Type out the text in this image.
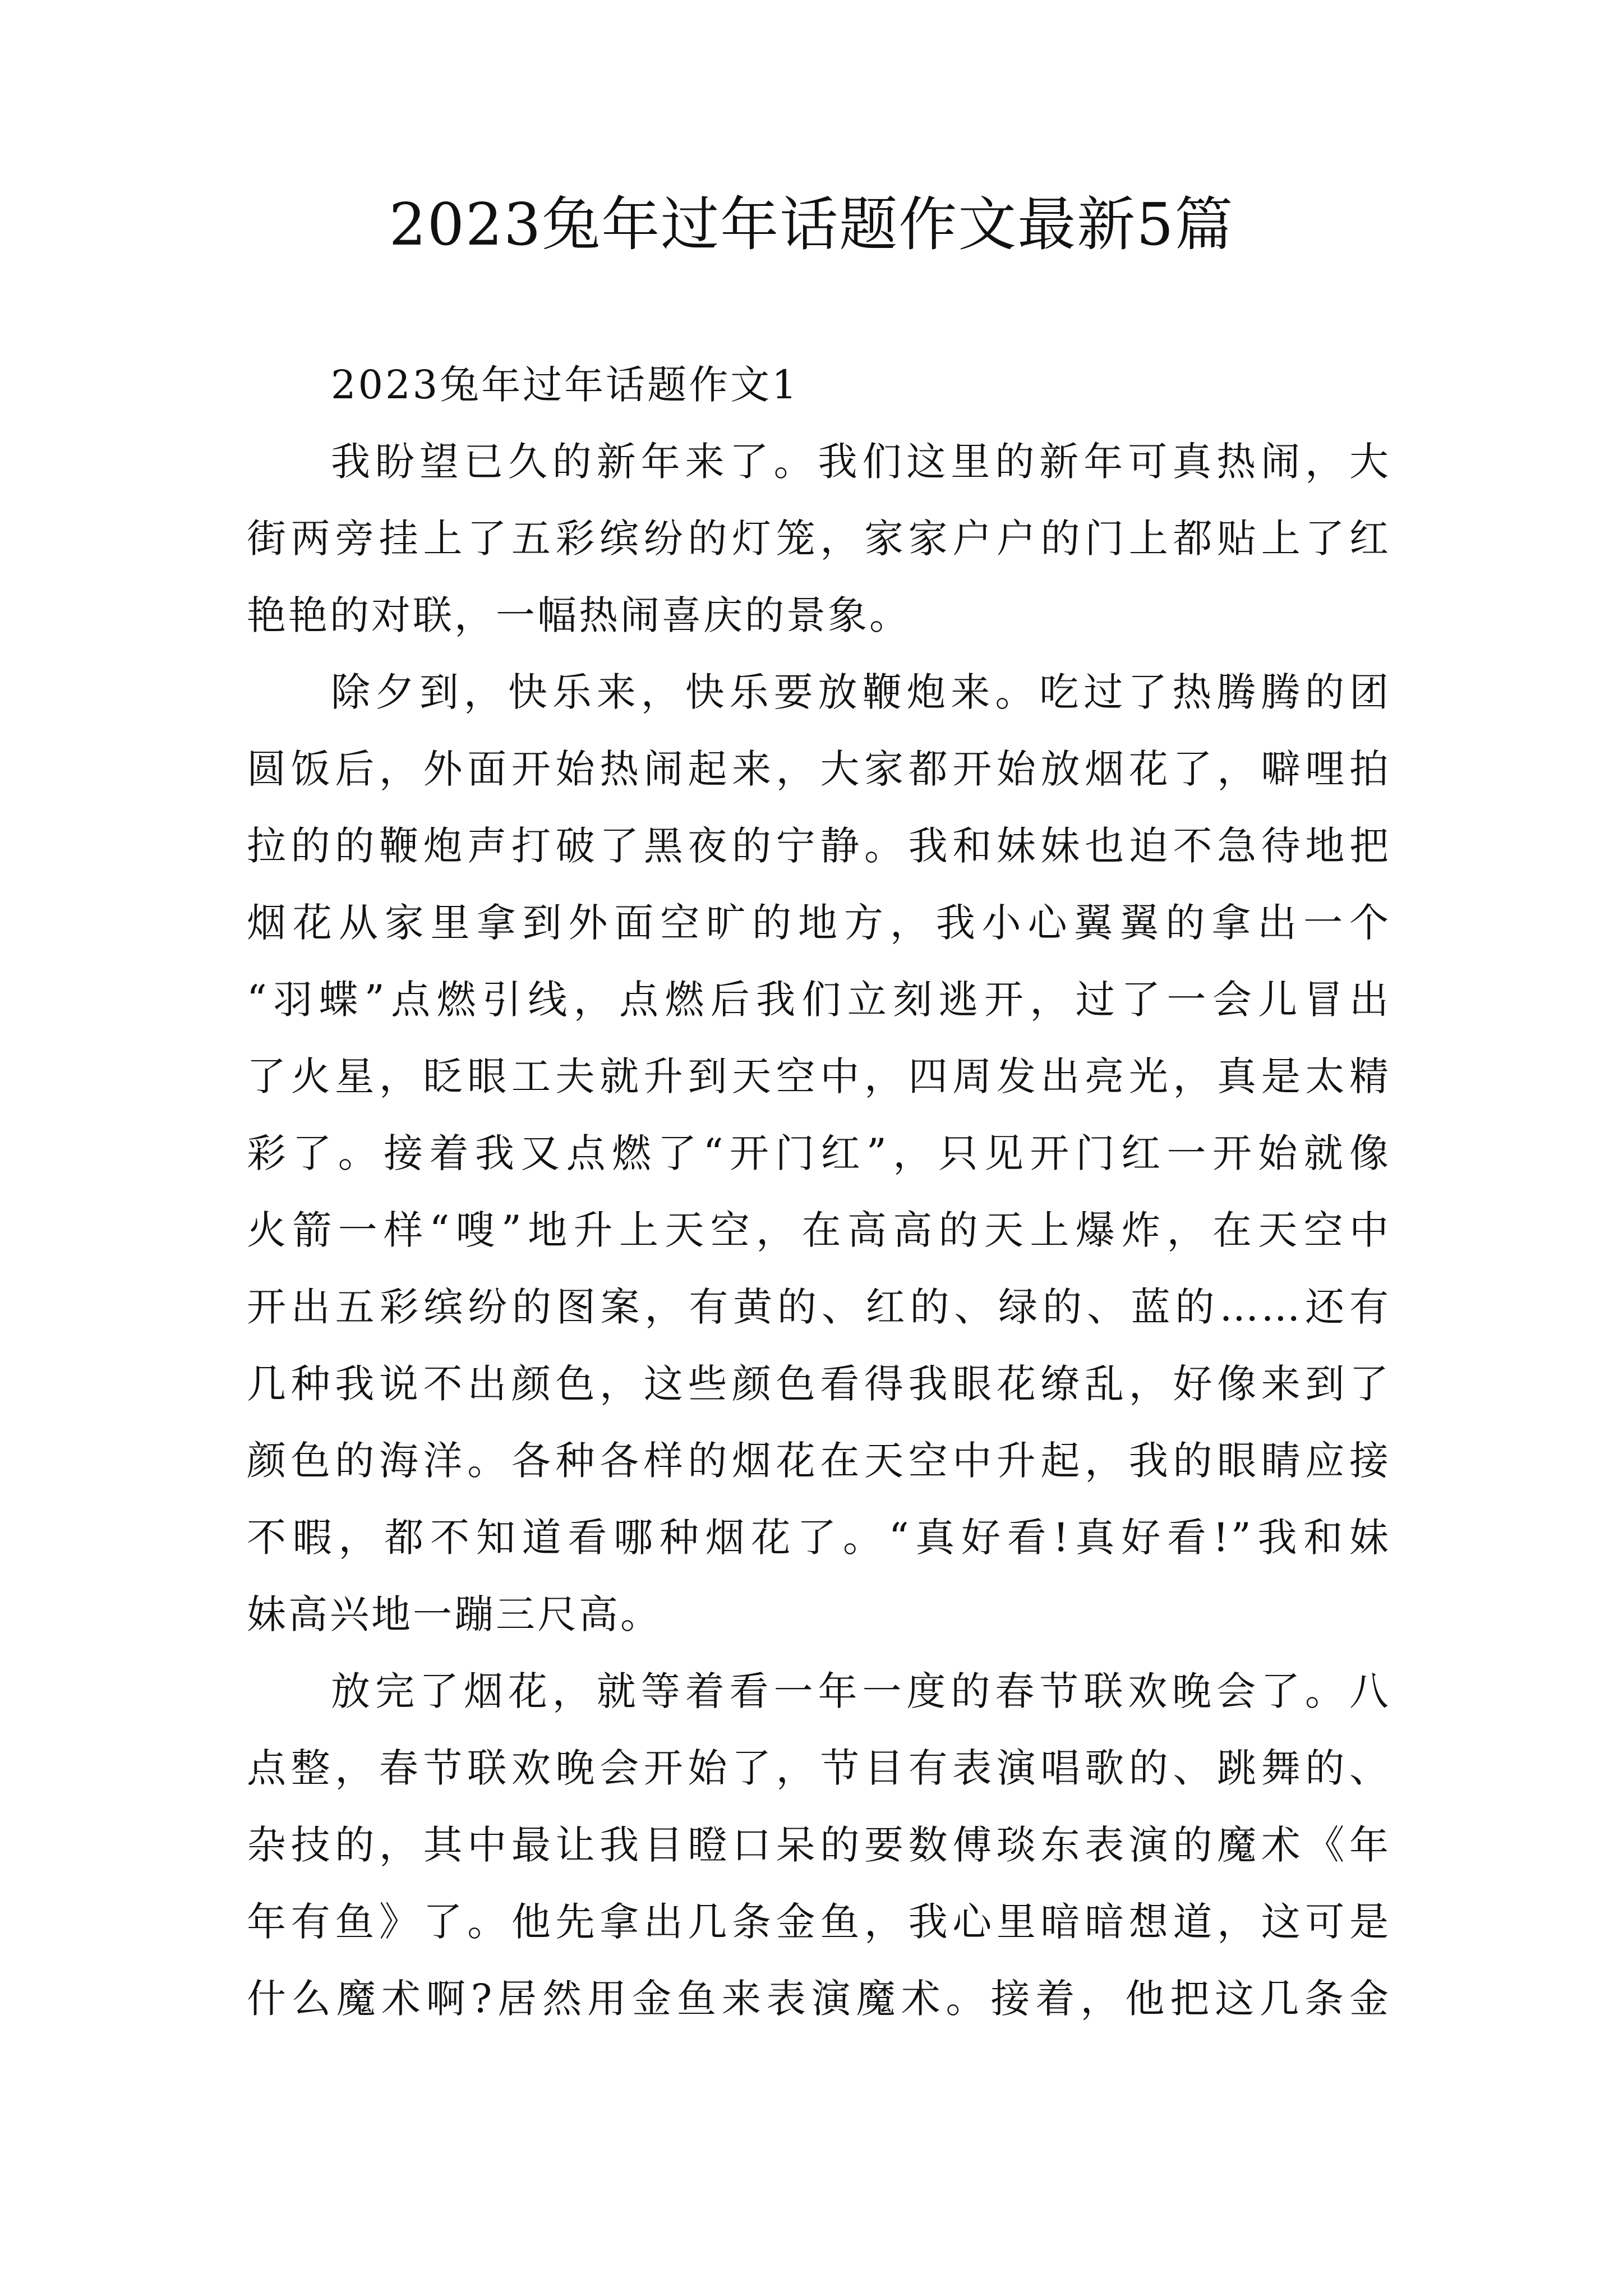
2023兔年过年话题作文最新5篇
2023兔年过年话题作文1
我盼望已久的新年来了。我们这里的新年可真热闹，大
街两旁挂上了五彩缤纷的灯笼，家家户户的门上都贴上了红
艳艳的对联，一幅热闹喜庆的景象。
除夕到，快乐来，快乐要放鞭炮来。吃过了热腾腾的团
圆饭后，外面开始热闹起来，大家都开始放烟花了，噼哩拍
拉的的鞭炮声打破了黑夜的宁静。我和妹妹也迫不急待地把
烟花从家里拿到外面空旷的地方，我小心翼翼的拿出一个
“羽蝶”点燃引线，点燃后我们立刻逃开，过了一会儿冒出
了火星，眨眼工夫就升到天空中，四周发出亮光，真是太精
彩了。接着我又点燃了“开门红”，只见开门红一开始就像
火箭一样“嗖”地升上天空，在高高的天上爆炸，在天空中
开出五彩缤纷的图案，有黄的、红的、绿的、蓝的……还有
几种我说不出颜色，这些颜色看得我眼花缭乱，好像来到了
颜色的海洋。各种各样的烟花在天空中升起，我的眼睛应接
不暇，都不知道看哪种烟花了。“真好看!真好看!”我和妹
妹高兴地一蹦三尺高。
放完了烟花，就等着看一年一度的春节联欢晚会了。八
点整，春节联欢晚会开始了，节目有表演唱歌的、跳舞的、
杂技的，其中最让我目瞪口呆的要数傅琰东表演的魔术《年
年有鱼》了。他先拿出几条金鱼，我心里暗暗想道，这可是
什么魔术啊?居然用金鱼来表演魔术。接着，他把这几条金
